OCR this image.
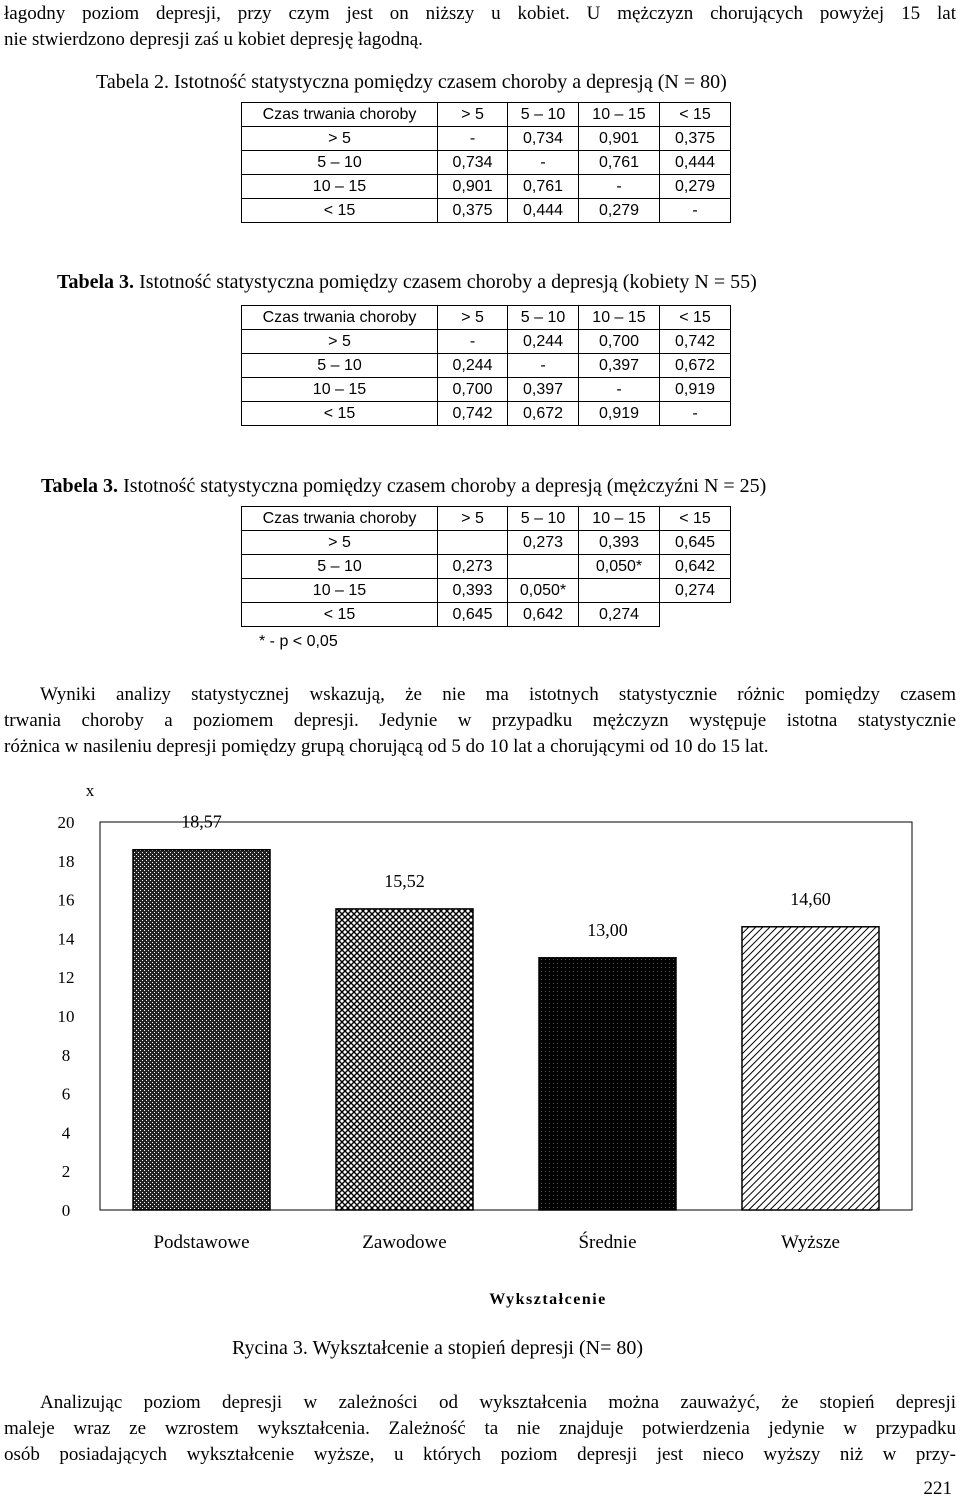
łagodny poziom depresji, przy czym jest on niższy u kobiet. U mężczyzn chorujących powyżej 15 lat
nie stwierdzono depresji zaś u kobiet depresję łagodną.
Tabela 2. Istotność statystyczna pomiędzy czasem choroby a depresją (N = 80)
Czas trwania choroby	> 5	5 – 10	10 – 15	< 15
> 5	-	0,734	0,901	0,375
5 – 10	0,734	-	0,761	0,444
10 – 15	0,901	0,761	-	0,279
< 15	0,375	0,444	0,279	-
Tabela 3. Istotność statystyczna pomiędzy czasem choroby a depresją (kobiety N = 55)
Czas trwania choroby	> 5	5 – 10	10 – 15	< 15
> 5	-	0,244	0,700	0,742
5 – 10	0,244	-	0,397	0,672
10 – 15	0,700	0,397	-	0,919
< 15	0,742	0,672	0,919	-
Tabela 3. Istotność statystyczna pomiędzy czasem choroby a depresją (mężczyźni N = 25)
Czas trwania choroby	> 5	5 – 10	10 – 15	< 15
> 5		0,273	0,393	0,645
5 – 10	0,273		0,050*	0,642
10 – 15	0,393	0,050*		0,274
< 15	0,645	0,642	0,274	
* - p < 0,05
Wyniki analizy statystycznej wskazują, że nie ma istotnych statystycznie różnic pomiędzy czasem
trwania choroby a poziomem depresji. Jedynie w przypadku mężczyzn występuje istotna statystycznie
różnica w nasileniu depresji pomiędzy grupą chorującą od 5 do 10 lat a chorującymi od 10 do 15 lat.
x
0
2
4
6
8
10
12
14
16
18
20	18,57
15,52
13,00
14,60
Podstawowe	Zawodowe	Średnie	Wyższe
Wykształcenie
Rycina 3. Wykształcenie a stopień depresji (N= 80)
Analizując poziom depresji w zależności od wykształcenia można zauważyć, że stopień depresji
maleje wraz ze wzrostem wykształcenia. Zależność ta nie znajduje potwierdzenia jedynie w przypadku
osób posiadających wykształcenie wyższe, u których poziom depresji jest nieco wyższy niż w przy-
221
